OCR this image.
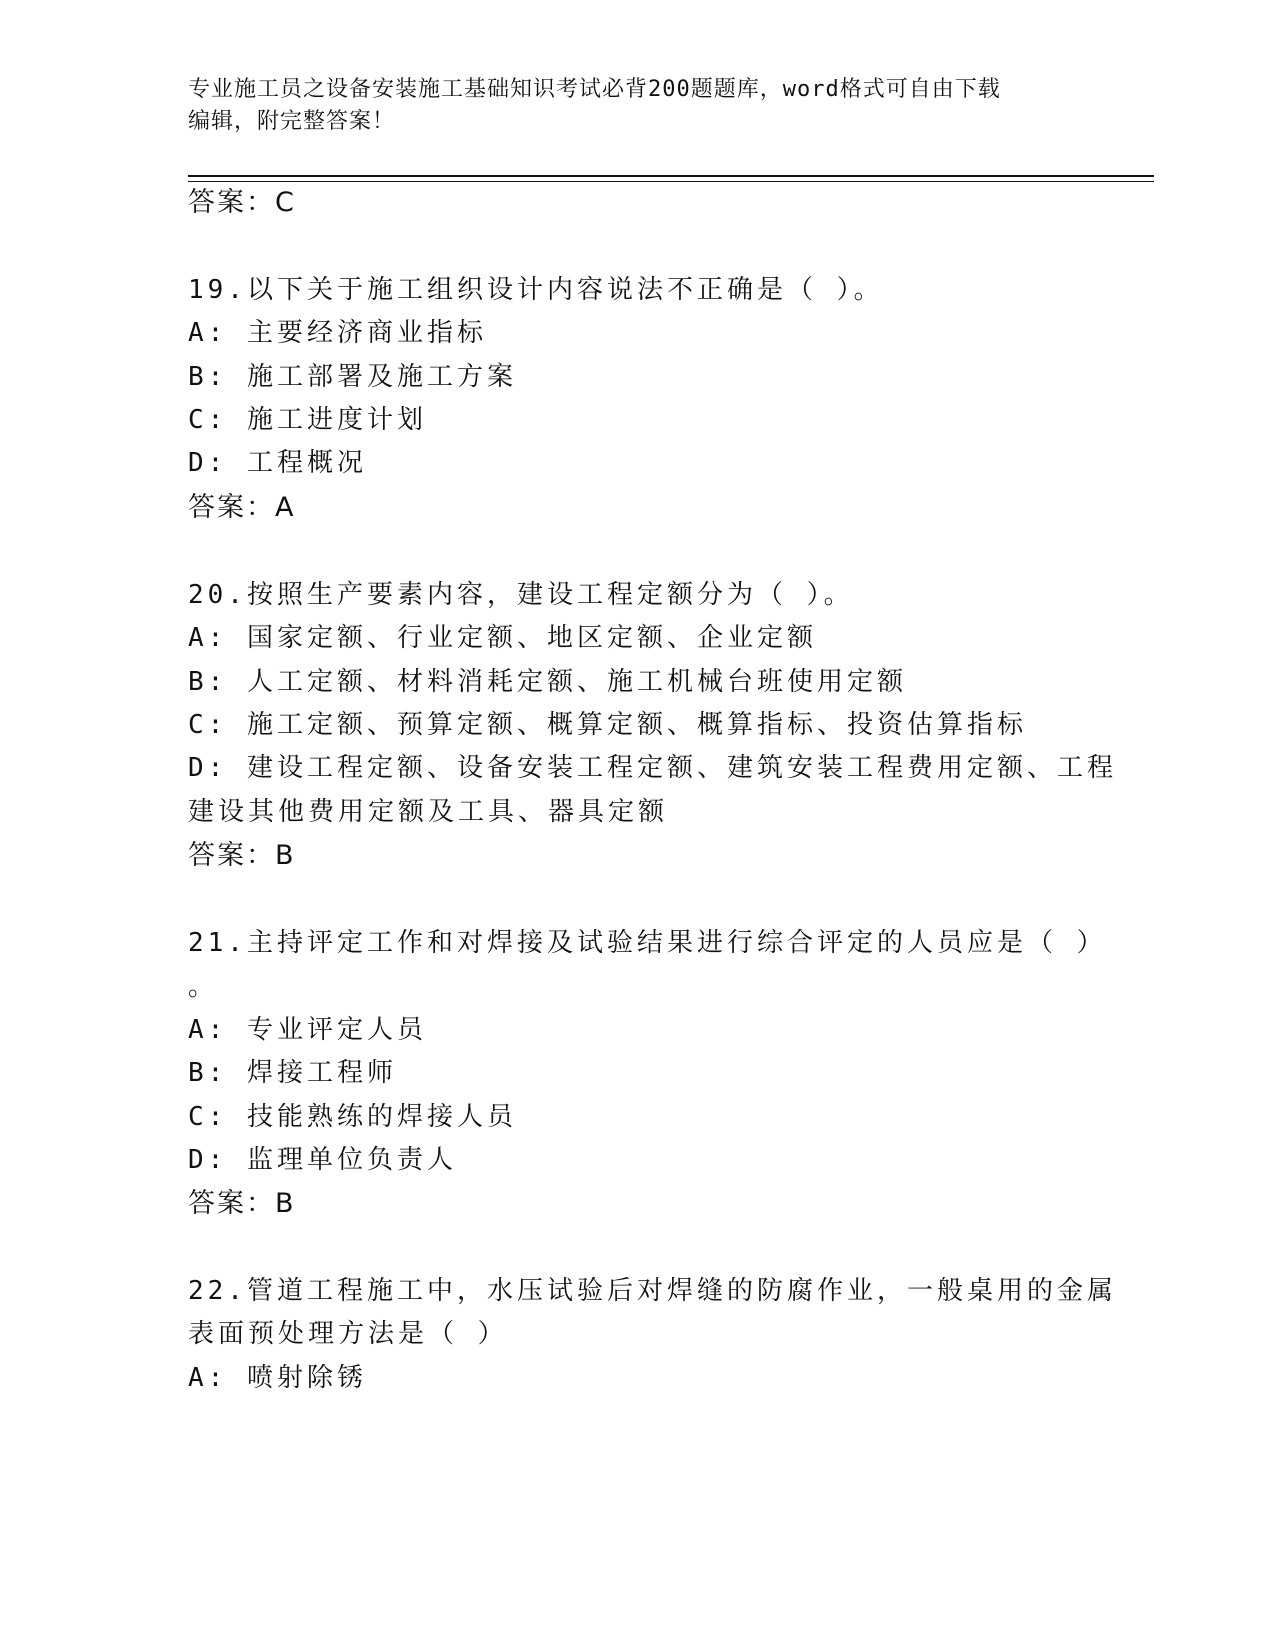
专业施工员之设备安装施工基础知识考试必背200题题库，word格式可自由下载
编辑，附完整答案！
答案：C
19.以下关于施工组织设计内容说法不正确是（ ）。
A: 主要经济商业指标
B: 施工部署及施工方案
C: 施工进度计划
D: 工程概况
答案：A
20.按照生产要素内容，建设工程定额分为（ ）。
A: 国家定额、行业定额、地区定额、企业定额
B: 人工定额、材料消耗定额、施工机械台班使用定额
C: 施工定额、预算定额、概算定额、概算指标、投资估算指标
D: 建设工程定额、设备安装工程定额、建筑安装工程费用定额、工程
建设其他费用定额及工具、器具定额
答案：B
21.主持评定工作和对焊接及试验结果进行综合评定的人员应是（ ）
。
A: 专业评定人员
B: 焊接工程师
C: 技能熟练的焊接人员
D: 监理单位负责人
答案：B
22.管道工程施工中，水压试验后对焊缝的防腐作业，一般桌用的金属
表面预处理方法是（ ）
A: 喷射除锈
